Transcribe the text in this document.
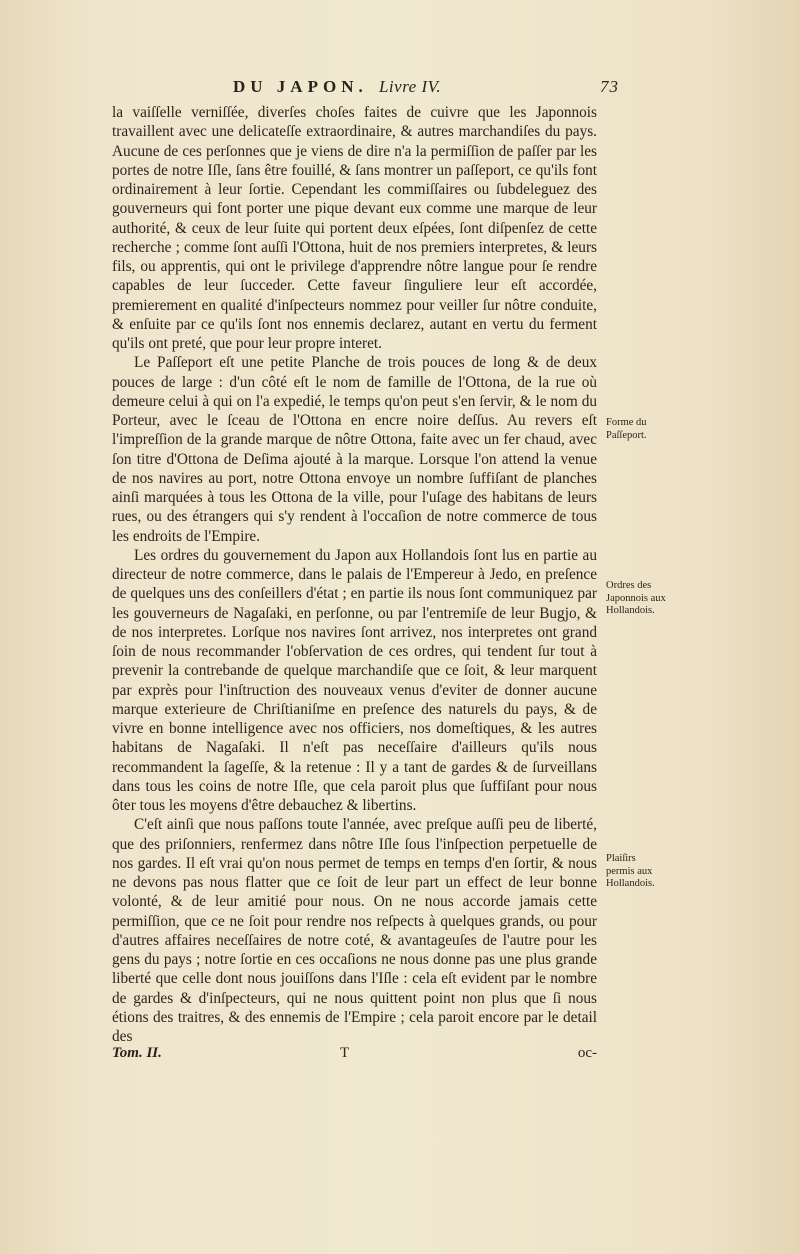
DU JAPON. Livre IV.	73

la vaiſſelle verniſſée, diverſes choſes faites de cuivre que les Japonnois travaillent avec une delicateſſe extraordinaire, & autres marchandiſes du pays. Aucune de ces perſonnes que je viens de dire n'a la permiſſion de paſſer par les portes de notre Iſle, ſans être fouillé, & ſans montrer un paſſeport, ce qu'ils font ordinairement à leur ſortie. Cependant les commiſſaires ou ſubdeleguez des gouverneurs qui font porter une pique devant eux comme une marque de leur authorité, & ceux de leur ſuite qui portent deux eſpées, ſont diſpenſez de cette recherche ; comme ſont auſſi l'Ottona, huit de nos premiers interpretes, & leurs fils, ou apprentis, qui ont le privilege d'apprendre nôtre langue pour ſe rendre capables de leur ſucceder. Cette faveur ſinguliere leur eſt accordée, premierement en qualité d'inſpecteurs nommez pour veiller ſur nôtre conduite, & enſuite par ce qu'ils ſont nos ennemis declarez, autant en vertu du ferment qu'ils ont preté, que pour leur propre interet.

Le Paſſeport eſt une petite Planche de trois pouces de long & de deux pouces de large : d'un côté eſt le nom de famille de l'Ottona, de la rue où demeure celui à qui on l'a expedié, le temps qu'on peut s'en ſervir, & le nom du Porteur, avec le ſceau de l'Ottona en encre noire deſſus. Au revers eſt l'impreſſion de la grande marque de nôtre Ottona, faite avec un fer chaud, avec ſon titre d'Ottona de Deſima ajouté à la marque. Lorsque l'on attend la venue de nos navires au port, notre Ottona envoye un nombre ſuffiſant de planches ainſi marquées à tous les Ottona de la ville, pour l'uſage des habitans de leurs rues, ou des étrangers qui s'y rendent à l'occaſion de notre commerce de tous les endroits de l'Empire.

Les ordres du gouvernement du Japon aux Hollandois ſont lus en partie au directeur de notre commerce, dans le palais de l'Empereur à Jedo, en preſence de quelques uns des conſeillers d'état ; en partie ils nous ſont communiquez par les gouverneurs de Nagaſaki, en perſonne, ou par l'entremiſe de leur Bugjo, & de nos interpretes. Lorſque nos navires ſont arrivez, nos interpretes ont grand ſoin de nous recommander l'obſervation de ces ordres, qui tendent ſur tout à prevenir la contrebande de quelque marchandiſe que ce ſoit, & leur marquent par exprès pour l'inſtruction des nouveaux venus d'eviter de donner aucune marque exterieure de Chriſtianiſme en preſence des naturels du pays, & de vivre en bonne intelligence avec nos officiers, nos domeſtiques, & les autres habitans de Nagaſaki. Il n'eſt pas neceſſaire d'ailleurs qu'ils nous recommandent la ſageſſe, & la retenue : Il y a tant de gardes & de ſurveillans dans tous les coins de notre Iſle, que cela paroit plus que ſuffiſant pour nous ôter tous les moyens d'être debauchez & libertins.

C'eſt ainſi que nous paſſons toute l'année, avec preſque auſſi peu de liberté, que des priſonniers, renfermez dans nôtre Iſle ſous l'inſpection perpetuelle de nos gardes. Il eſt vrai qu'on nous permet de temps en temps d'en ſortir, & nous ne devons pas nous flatter que ce ſoit de leur part un effect de leur bonne volonté, & de leur amitié pour nous. On ne nous accorde jamais cette permiſſion, que ce ne ſoit pour rendre nos reſpects à quelques grands, ou pour d'autres affaires neceſſaires de notre coté, & avantageuſes de l'autre pour les gens du pays ; notre ſortie en ces occaſions ne nous donne pas une plus grande liberté que celle dont nous jouiſſons dans l'Iſle : cela eſt evident par le nombre de gardes & d'inſpecteurs, qui ne nous quittent point non plus que ſi nous étions des traitres, & des ennemis de l'Empire ; cela paroit encore par le detail des

Forme du Paſſeport.
Ordres des Japonnois aux Hollandois.
Plaiſirs permis aux Hollandois.
Tom. II.	T	oc-
